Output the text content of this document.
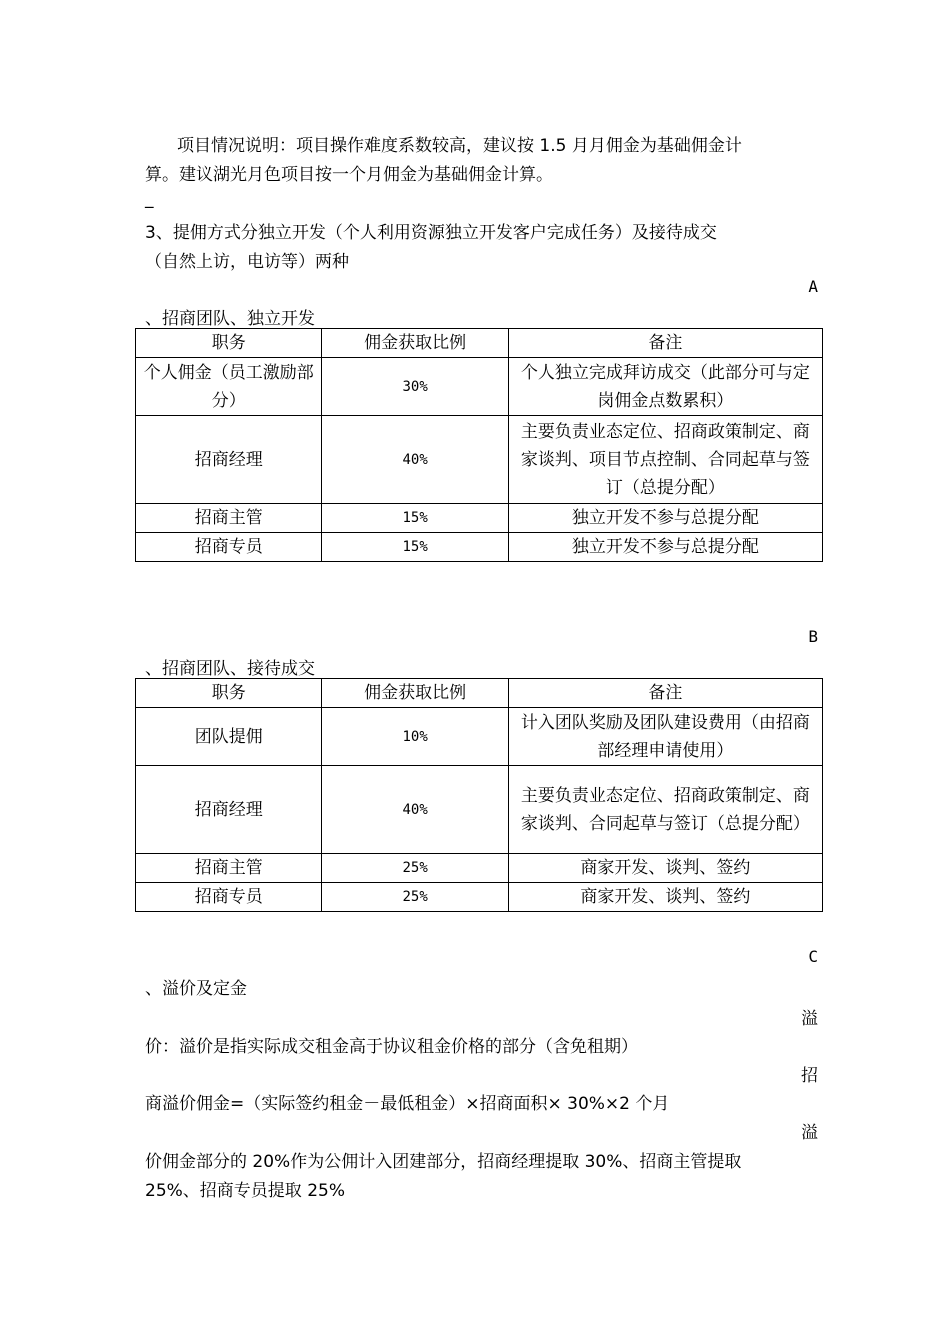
项目情况说明：项目操作难度系数较高，建议按 1.5 月月佣金为基础佣金计
算。建议湖光月色项目按一个月佣金为基础佣金计算。
_
3、提佣方式分独立开发（个人利用资源独立开发客户完成任务）及接待成交
（自然上访，电访等）两种
A
、招商团队、独立开发
职务	佣金获取比例	备注
个人佣金（员工激励部分）	30%	个人独立完成拜访成交（此部分可与定岗佣金点数累积）
招商经理	40%	主要负责业态定位、招商政策制定、商家谈判、项目节点控制、合同起草与签订（总提分配）
招商主管	15%	独立开发不参与总提分配
招商专员	15%	独立开发不参与总提分配
B
、招商团队、接待成交
职务	佣金获取比例	备注
团队提佣	10%	计入团队奖励及团队建设费用（由招商部经理申请使用）
招商经理	40%	主要负责业态定位、招商政策制定、商家谈判、合同起草与签订（总提分配）
招商主管	25%	商家开发、谈判、签约
招商专员	25%	商家开发、谈判、签约
C
、溢价及定金
溢
价：溢价是指实际成交租金高于协议租金价格的部分（含免租期）
招
商溢价佣金=（实际签约租金－最低租金）×招商面积× 30%×2 个月
溢
价佣金部分的 20%作为公佣计入团建部分，招商经理提取 30%、招商主管提取
25%、招商专员提取 25%
